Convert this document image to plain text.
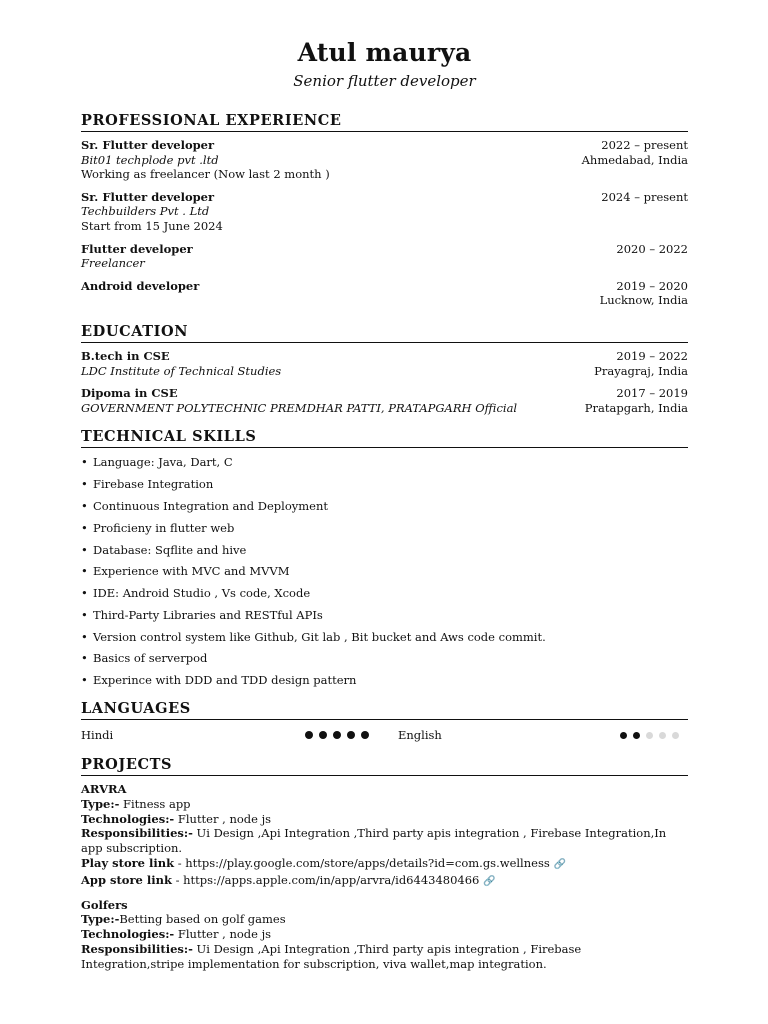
Atul maurya
Senior flutter developer
PROFESSIONAL EXPERIENCE
Sr. Flutter developer	2022 – present
Bit01 techplode pvt .ltd	Ahmedabad, India
Working as freelancer (Now last 2 month )
Sr. Flutter developer	2024 – present
Techbuilders Pvt . Ltd
Start from 15 June 2024
Flutter developer	2020 – 2022
Freelancer
Android developer	2019 – 2020
Lucknow, India
EDUCATION
B.tech in CSE	2019 – 2022
LDC Institute of Technical Studies	Prayagraj, India
Dipoma in CSE	2017 – 2019
GOVERNMENT POLYTECHNIC PREMDHAR PATTI, PRATAPGARH Official	Pratapgarh, India
TECHNICAL SKILLS
• Language: Java, Dart, C
• Firebase Integration
• Continuous Integration and Deployment
• Proficieny in flutter web
• Database: Sqflite and hive
• Experience with MVC and MVVM
• IDE: Android Studio , Vs code, Xcode
• Third-Party Libraries and RESTful APIs
• Version control system like Github, Git lab , Bit bucket and Aws code commit.
• Basics of serverpod
• Experince with DDD and TDD design pattern
LANGUAGES
Hindi	English
PROJECTS
ARVRA
Type:- Fitness app
Technologies:- Flutter , node js
Responsibilities:- Ui Design ,Api Integration ,Third party apis integration , Firebase Integration,In app subscription.
Play store link - https://play.google.com/store/apps/details?id=com.gs.wellness 🔗
App store link - https://apps.apple.com/in/app/arvra/id6443480466 🔗
Golfers
Type:-Betting based on golf games
Technologies:- Flutter , node js
Responsibilities:- Ui Design ,Api Integration ,Third party apis integration , Firebase Integration,stripe implementation for subscription, viva wallet,map integration.
